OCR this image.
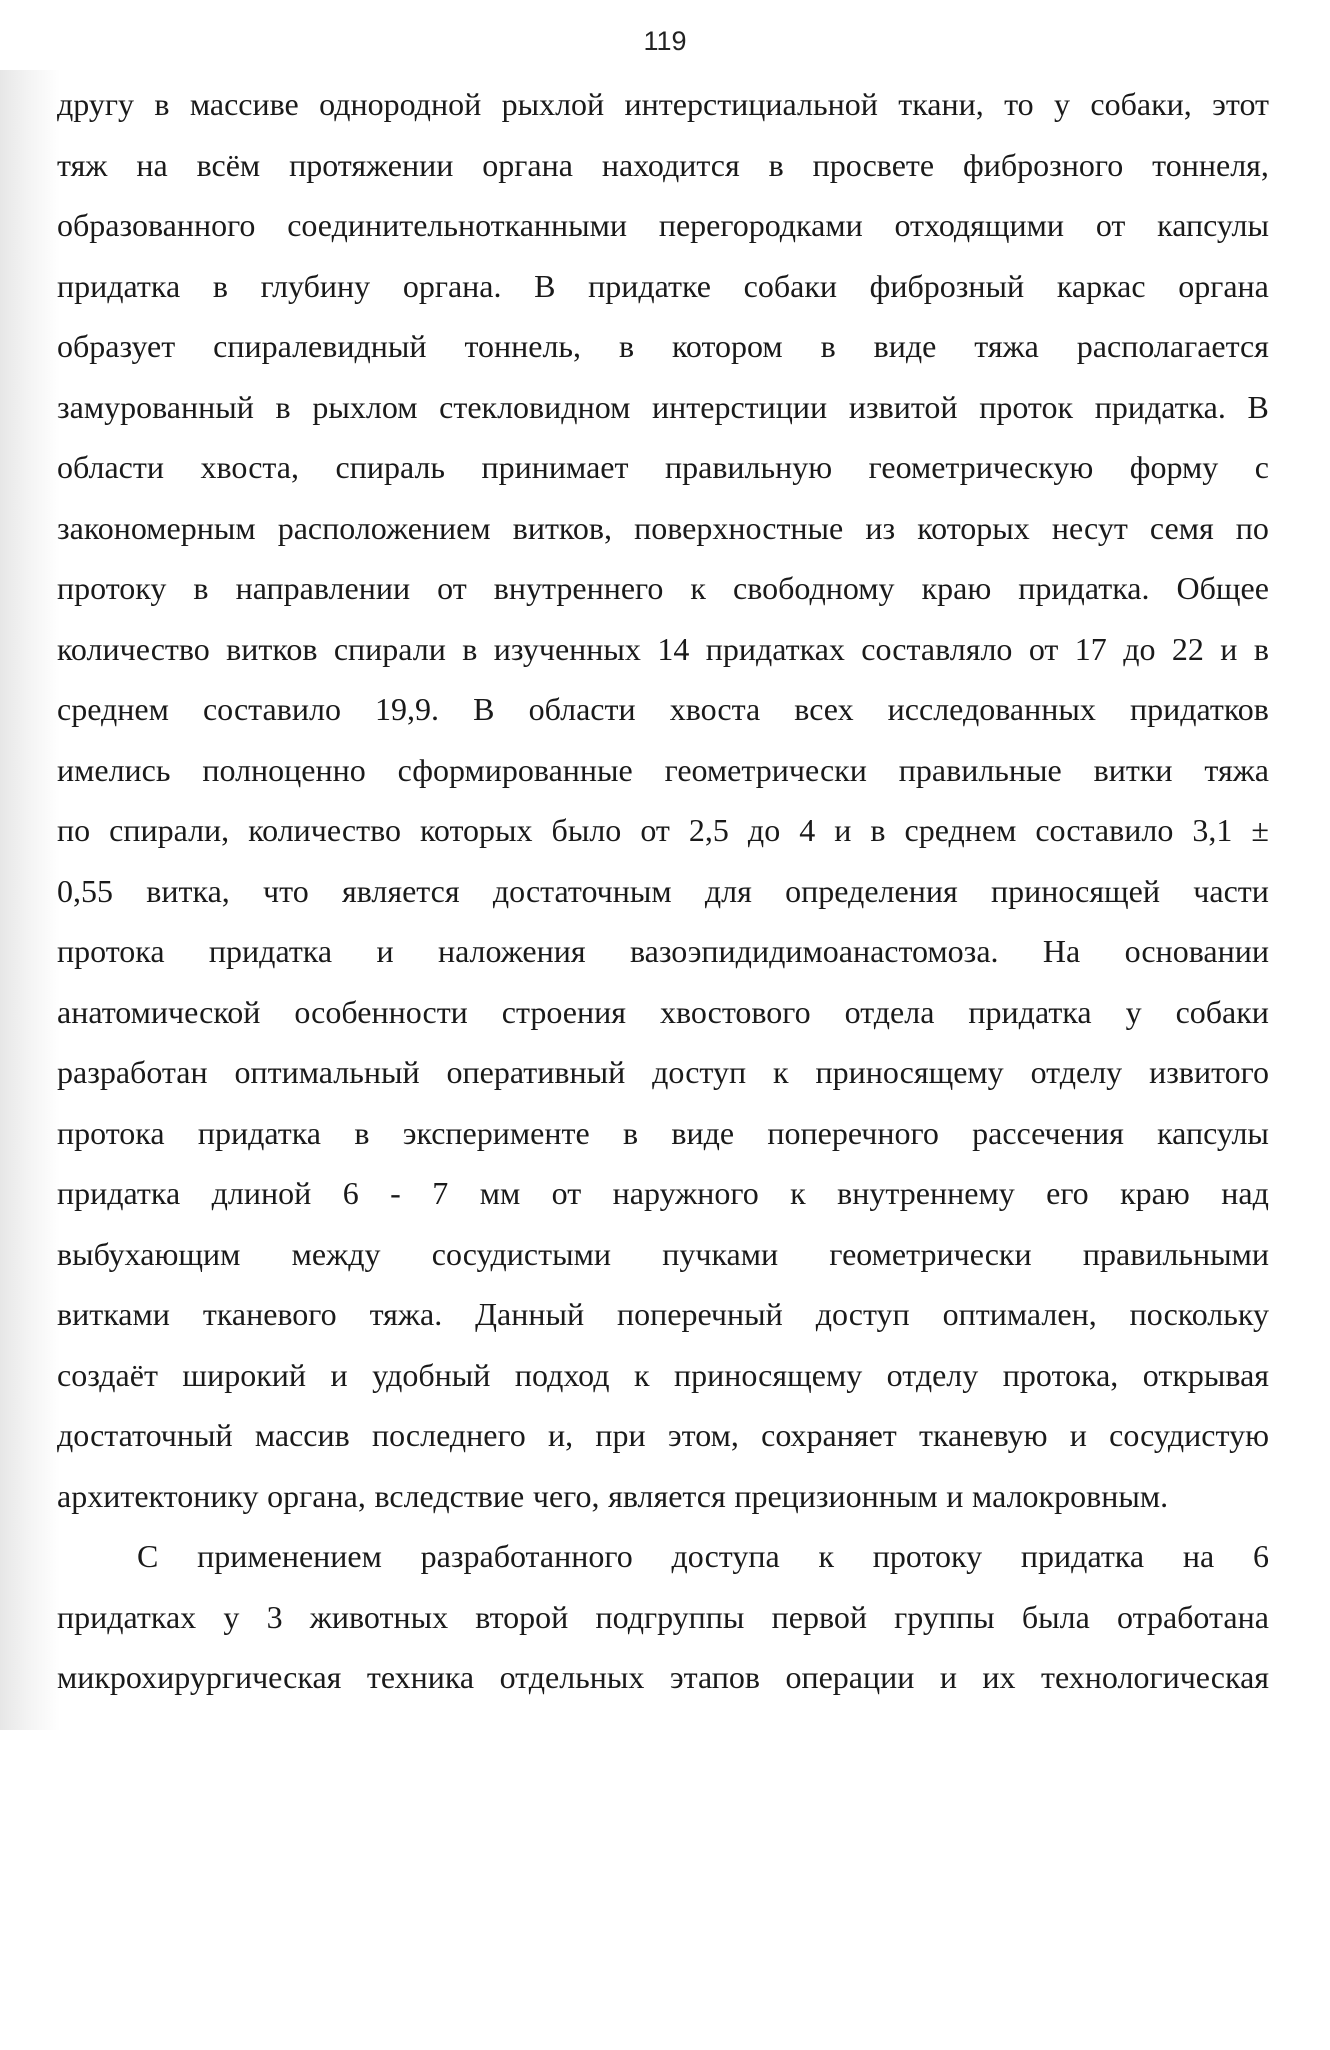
119
другу в массиве однородной рыхлой интерстициальной ткани, то у собаки, этот
тяж на всём протяжении органа находится в просвете фиброзного тоннеля,
образованного соединительнотканными перегородками отходящими от капсулы
придатка в глубину органа. В придатке собаки фиброзный каркас органа
образует спиралевидный тоннель, в котором в виде тяжа располагается
замурованный в рыхлом стекловидном интерстиции извитой проток придатка. В
области хвоста, спираль принимает правильную геометрическую форму с
закономерным расположением витков, поверхностные из которых несут семя по
протоку в направлении от внутреннего к свободному краю придатка. Общее
количество витков спирали в изученных 14 придатках составляло от 17 до 22 и в
среднем составило 19,9. В области хвоста всех исследованных придатков
имелись полноценно сформированные геометрически правильные витки тяжа
по спирали, количество которых было от 2,5 до 4 и в среднем составило 3,1 ±
0,55 витка, что является достаточным для определения приносящей части
протока придатка и наложения вазоэпидидимоанастомоза. На основании
анатомической особенности строения хвостового отдела придатка у собаки
разработан оптимальный оперативный доступ к приносящему отделу извитого
протока придатка в эксперименте в виде поперечного рассечения капсулы
придатка длиной 6 - 7 мм от наружного к внутреннему его краю над
выбухающим между сосудистыми пучками геометрически правильными
витками тканевого тяжа. Данный поперечный доступ оптимален, поскольку
создаёт широкий и удобный подход к приносящему отделу протока, открывая
достаточный массив последнего и, при этом, сохраняет тканевую и сосудистую
архитектонику органа, вследствие чего, является прецизионным и малокровным.
С применением разработанного доступа к протоку придатка на 6
придатках у 3 животных второй подгруппы первой группы была отработана
микрохирургическая техника отдельных этапов операции и их технологическая
